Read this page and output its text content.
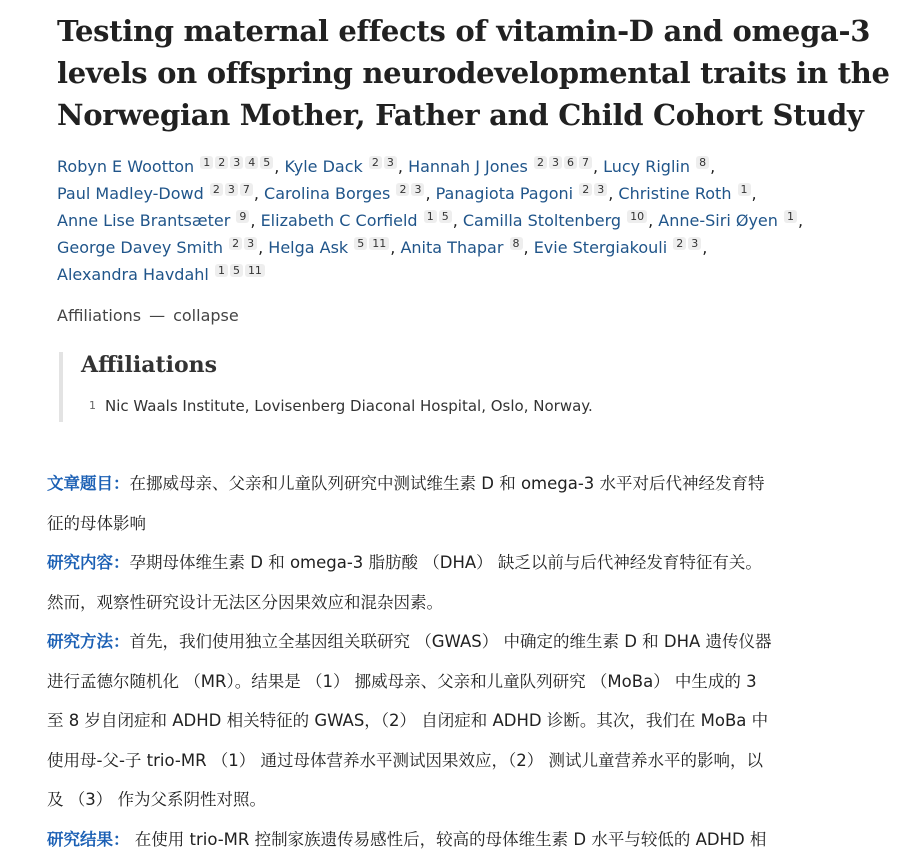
Testing maternal effects of vitamin-D and omega-3
levels on offspring neurodevelopmental traits in the
Norwegian Mother, Father and Child Cohort Study
Robyn E Wootton 1 2 3 4 5 , Kyle Dack 2 3 , Hannah J Jones 2 3 6 7 , Lucy Riglin 8 ,
Paul Madley-Dowd 2 3 7 , Carolina Borges 2 3 , Panagiota Pagoni 2 3 , Christine Roth 1 ,
Anne Lise Brantsæter 9 , Elizabeth C Corfield 1 5 , Camilla Stoltenberg 10 , Anne-Siri Øyen 1 ,
George Davey Smith 2 3 , Helga Ask 5 11 , Anita Thapar 8 , Evie Stergiakouli 2 3 ,
Alexandra Havdahl 1 5 11
Affiliations — collapse
Affiliations
1 Nic Waals Institute, Lovisenberg Diaconal Hospital, Oslo, Norway.
文章题目：在挪威母亲、父亲和儿童队列研究中测试维生素 D 和 omega-3 水平对后代神经发育特
征的母体影响
研究内容：孕期母体维生素 D 和 omega-3 脂肪酸 （DHA） 缺乏以前与后代神经发育特征有关。
然而，观察性研究设计无法区分因果效应和混杂因素。
研究方法：首先，我们使用独立全基因组关联研究 （GWAS） 中确定的维生素 D 和 DHA 遗传仪器
进行孟德尔随机化 （MR）。结果是 （1） 挪威母亲、父亲和儿童队列研究 （MoBa） 中生成的 3
至 8 岁自闭症和 ADHD 相关特征的 GWAS，（2） 自闭症和 ADHD 诊断。其次，我们在 MoBa 中
使用母-父-子 trio-MR （1） 通过母体营养水平测试因果效应，（2） 测试儿童营养水平的影响，以
及 （3） 作为父系阴性对照。
研究结果： 在使用 trio-MR 控制家族遗传易感性后，较高的母体维生素 D 水平与较低的 ADHD 相
